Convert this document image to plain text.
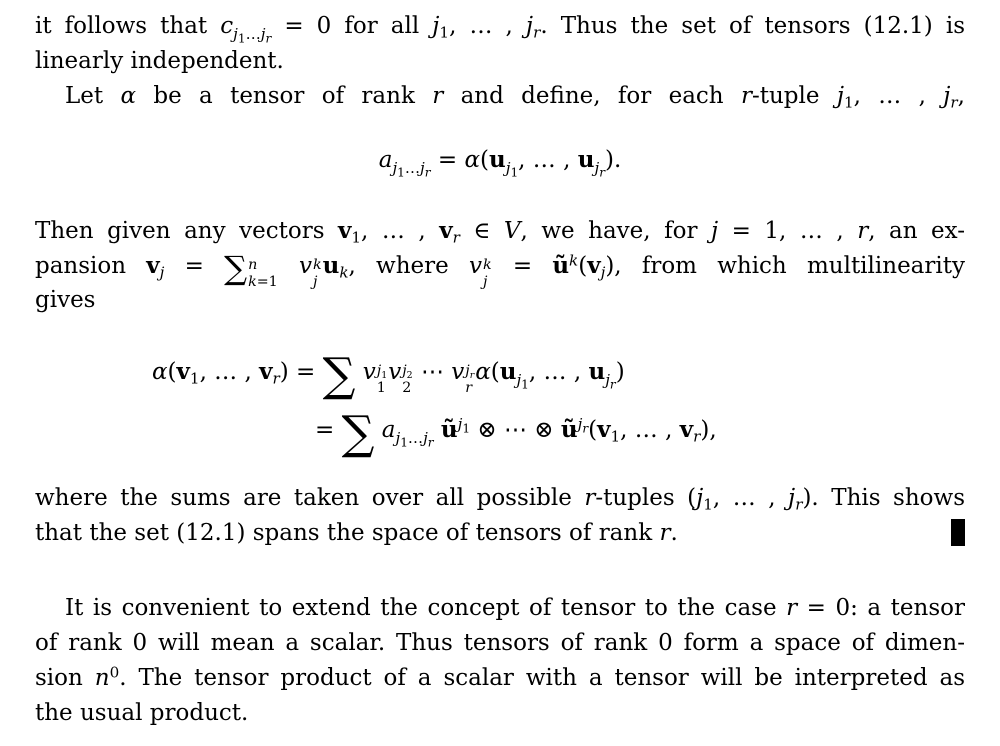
it follows that $c_{j_1\dots j_r} = 0$ for all $j_1$, … , $j_r$. Thus the set of tensors (12.1) is
linearly independent.
Let α be a tensor of rank r and define, for each r-tuple $j_1$, … , $j_r$,
$a_{j_1\dots j_r} = \alpha(u_{j_1}$, … , $u_{j_r}$).
Then given any vectors $v_1$, … , $v_r$ ∈ V, we have, for j = 1, … , r, an ex-
pansion $v_j$ = ∑ n
k=1
v k
j
$u_k$, where v k
j
= $ũ^k(v_j)$, from which multilinearity
gives
$\alpha(v_1$, … , $v_r$) = ∑ v $j_1$
1
v $j_2$
2
⋯ v $j_r$
r
$\alpha(u_{j_1}$, … , $u_{j_r}$)
= ∑ $a_{j_1\dots j_r}$ $ũ^{j_1}$ ⊗ ⋯ ⊗ $ũ^{j_r}(v_1$, … , $v_r$),
where the sums are taken over all possible r-tuples ($j_1$, … , $j_r$). This shows
that the set (12.1) spans the space of tensors of rank r.
It is convenient to extend the concept of tensor to the case r = 0: a tensor
of rank 0 will mean a scalar. Thus tensors of rank 0 form a space of dimen-
sion $n^0$. The tensor product of a scalar with a tensor will be interpreted as
the usual product.
